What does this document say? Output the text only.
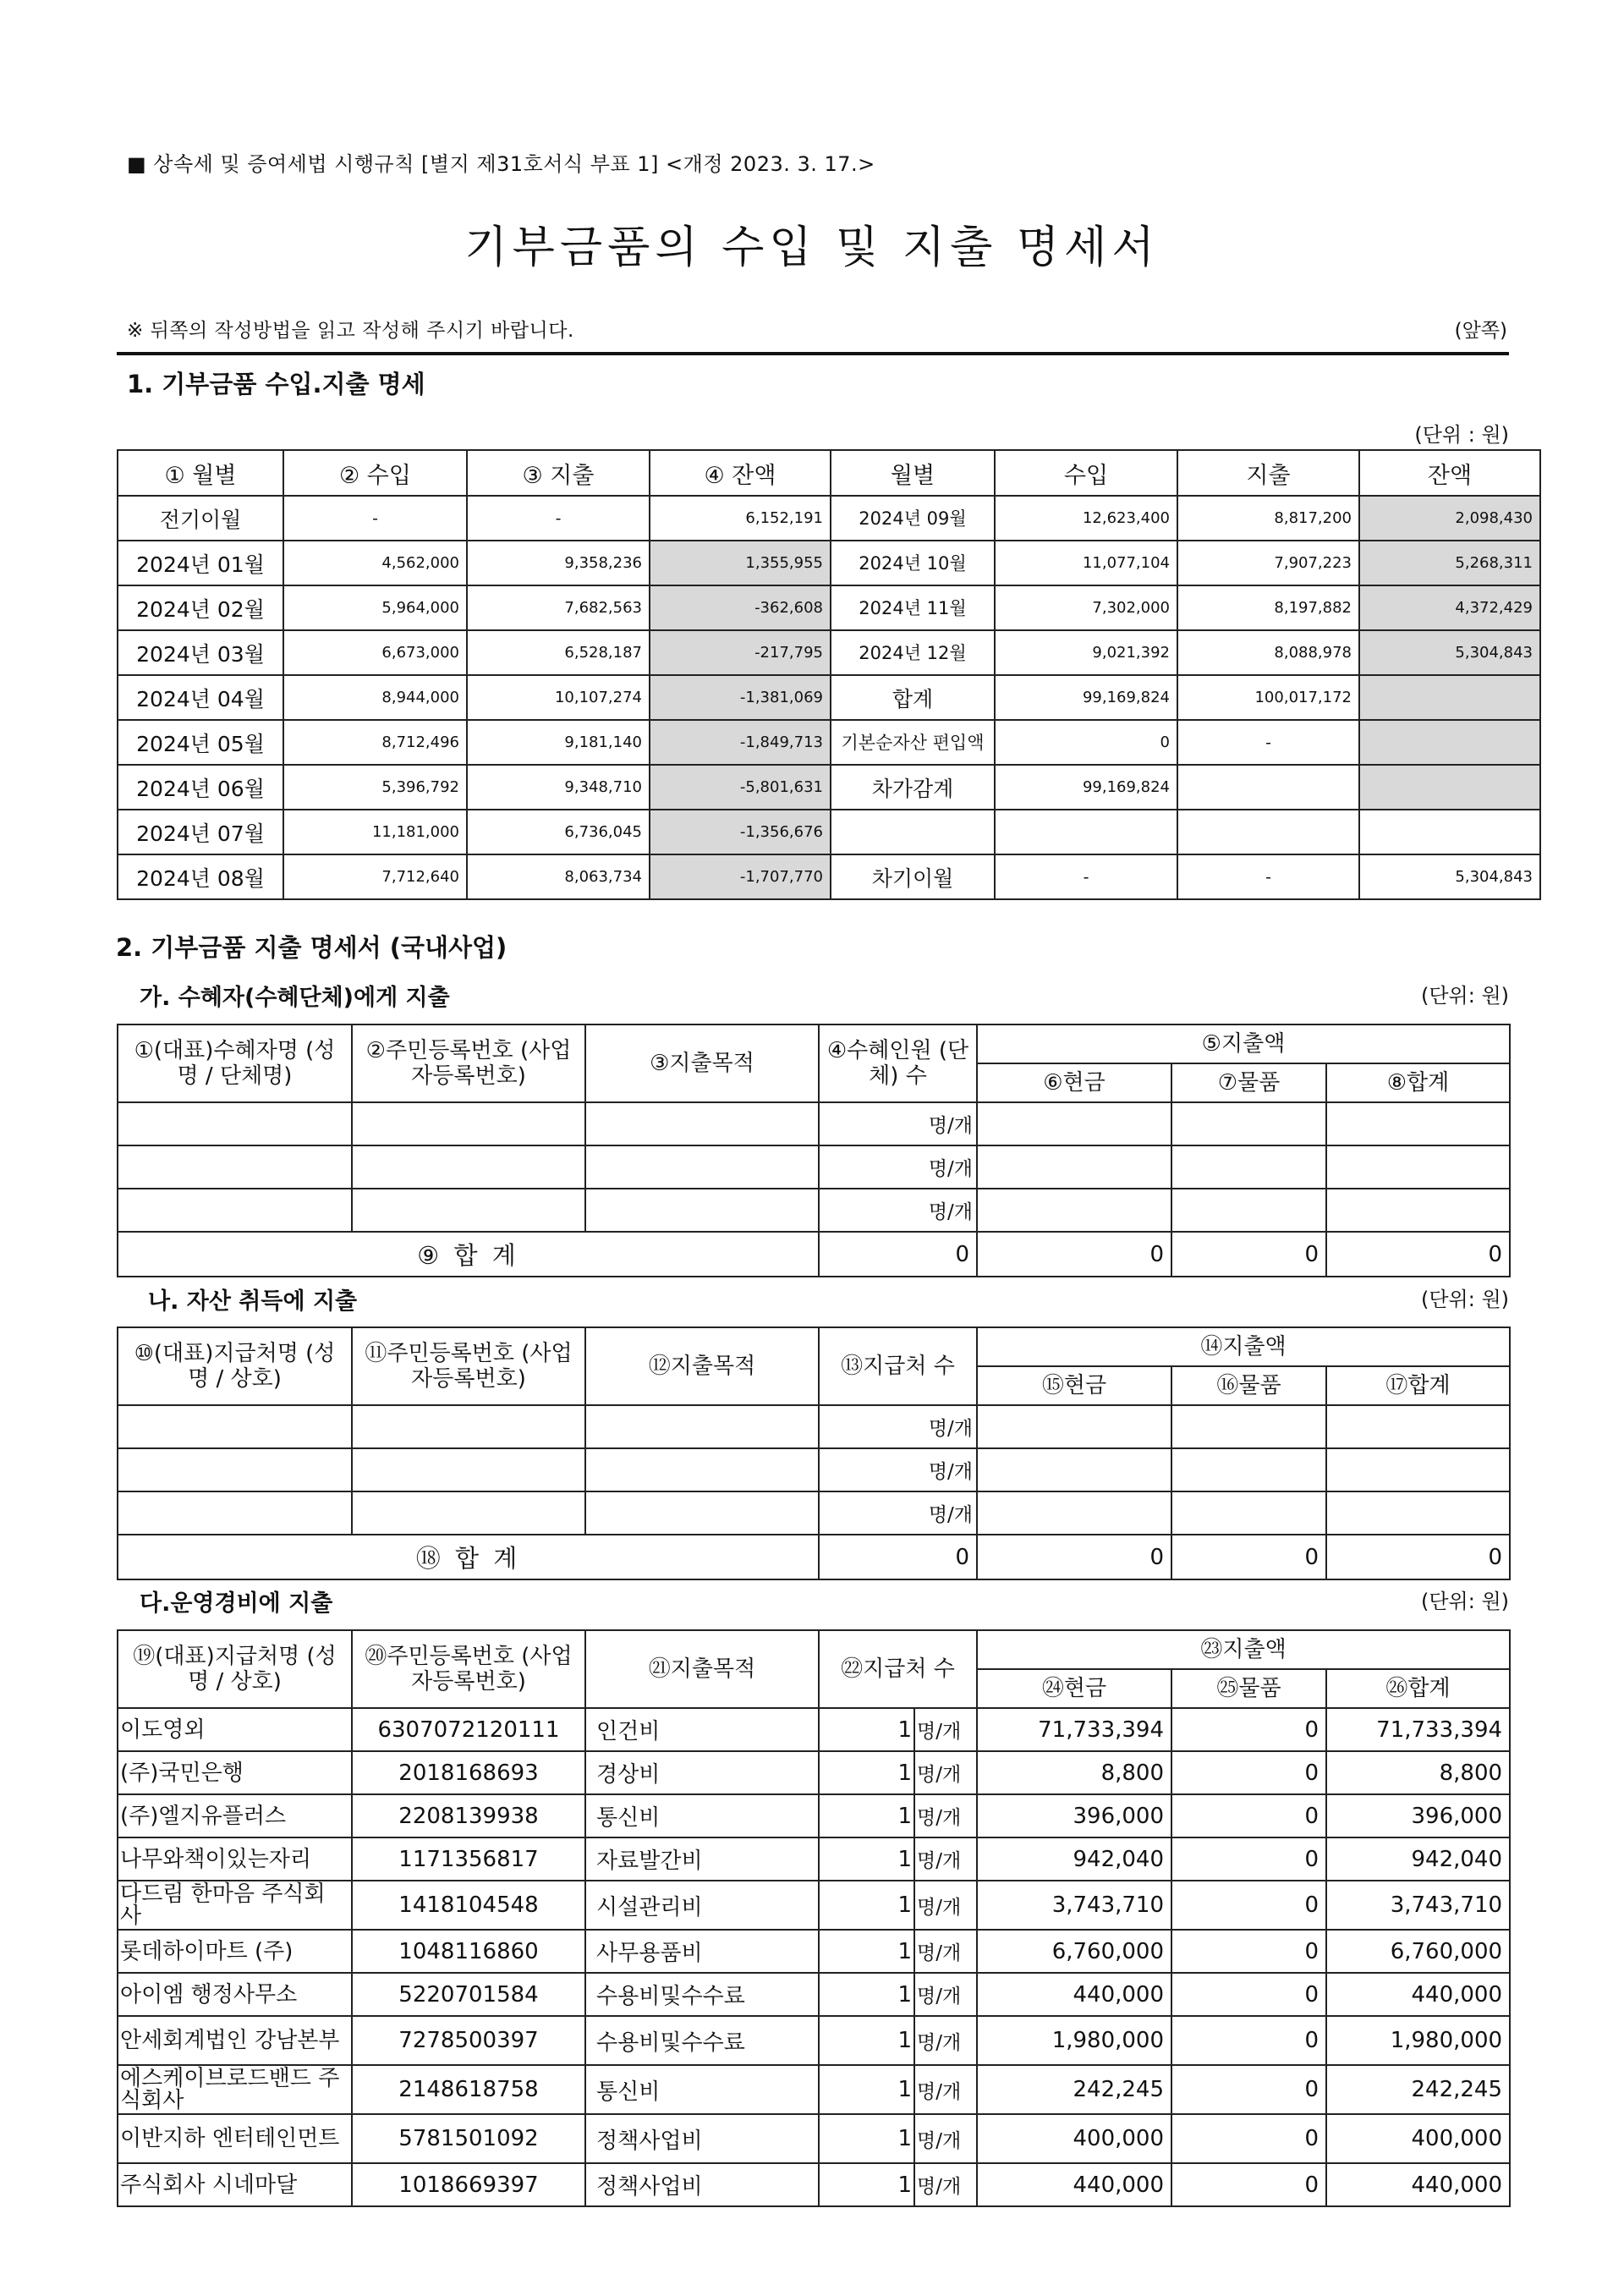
■ 상속세 및 증여세법 시행규칙 [별지 제31호서식 부표 1] <개정 2023. 3. 17.>
기부금품의 수입 및 지출 명세서
※ 뒤쪽의 작성방법을 읽고 작성해 주시기 바랍니다.	(앞쪽)
1. 기부금품 수입.지출 명세
(단위 : 원)
① 월별	② 수입	③ 지출	④ 잔액	월별	수입	지출	잔액
전기이월	-	-	6,152,191	2024년 09월	12,623,400	8,817,200	2,098,430
2024년 01월	4,562,000	9,358,236	1,355,955	2024년 10월	11,077,104	7,907,223	5,268,311
2024년 02월	5,964,000	7,682,563	-362,608	2024년 11월	7,302,000	8,197,882	4,372,429
2024년 03월	6,673,000	6,528,187	-217,795	2024년 12월	9,021,392	8,088,978	5,304,843
2024년 04월	8,944,000	10,107,274	-1,381,069	합계	99,169,824	100,017,172	
2024년 05월	8,712,496	9,181,140	-1,849,713	기본순자산 편입액	0	-	
2024년 06월	5,396,792	9,348,710	-5,801,631	차가감계	99,169,824		
2024년 07월	11,181,000	6,736,045	-1,356,676				
2024년 08월	7,712,640	8,063,734	-1,707,770	차기이월	-	-	5,304,843
2. 기부금품 지출 명세서 (국내사업)
가. 수혜자(수혜단체)에게 지출	(단위: 원)
①(대표)수혜자명 (성명 / 단체명)	②주민등록번호 (사업자등록번호)	③지출목적	④수혜인원 (단체) 수	⑤지출액		
				⑥현금	⑦물품	⑧합계
			명/개			
			명/개			
			명/개			
⑨ 합 계			0	0	0	0
나. 자산 취득에 지출	(단위: 원)
⑩(대표)지급처명 (성명 / 상호)	⑪주민등록번호 (사업자등록번호)	⑫지출목적	⑬지급처 수	⑭지출액		
				⑮현금	⑯물품	⑰합계
			명/개			
			명/개			
			명/개			
⑱ 합 계			0	0	0	0
다.운영경비에 지출	(단위: 원)
⑲(대표)지급처명 (성명 / 상호)	⑳주민등록번호 (사업자등록번호)	㉑지출목적	㉒지급처 수		㉓지출액		
					㉔현금	㉕물품	㉖합계
이도영외	6307072120111	인건비	1	명/개	71,733,394	0	71,733,394
(주)국민은행	2018168693	경상비	1	명/개	8,800	0	8,800
(주)엘지유플러스	2208139938	통신비	1	명/개	396,000	0	396,000
나무와책이있는자리	1171356817	자료발간비	1	명/개	942,040	0	942,040
다드림 한마음 주식회사	1418104548	시설관리비	1	명/개	3,743,710	0	3,743,710
롯데하이마트 (주)	1048116860	사무용품비	1	명/개	6,760,000	0	6,760,000
아이엠 행정사무소	5220701584	수용비및수수료	1	명/개	440,000	0	440,000
안세회계법인 강남본부	7278500397	수용비및수수료	1	명/개	1,980,000	0	1,980,000
에스케이브로드밴드 주식회사	2148618758	통신비	1	명/개	242,245	0	242,245
이반지하 엔터테인먼트	5781501092	정책사업비	1	명/개	400,000	0	400,000
주식회사 시네마달	1018669397	정책사업비	1	명/개	440,000	0	440,000
